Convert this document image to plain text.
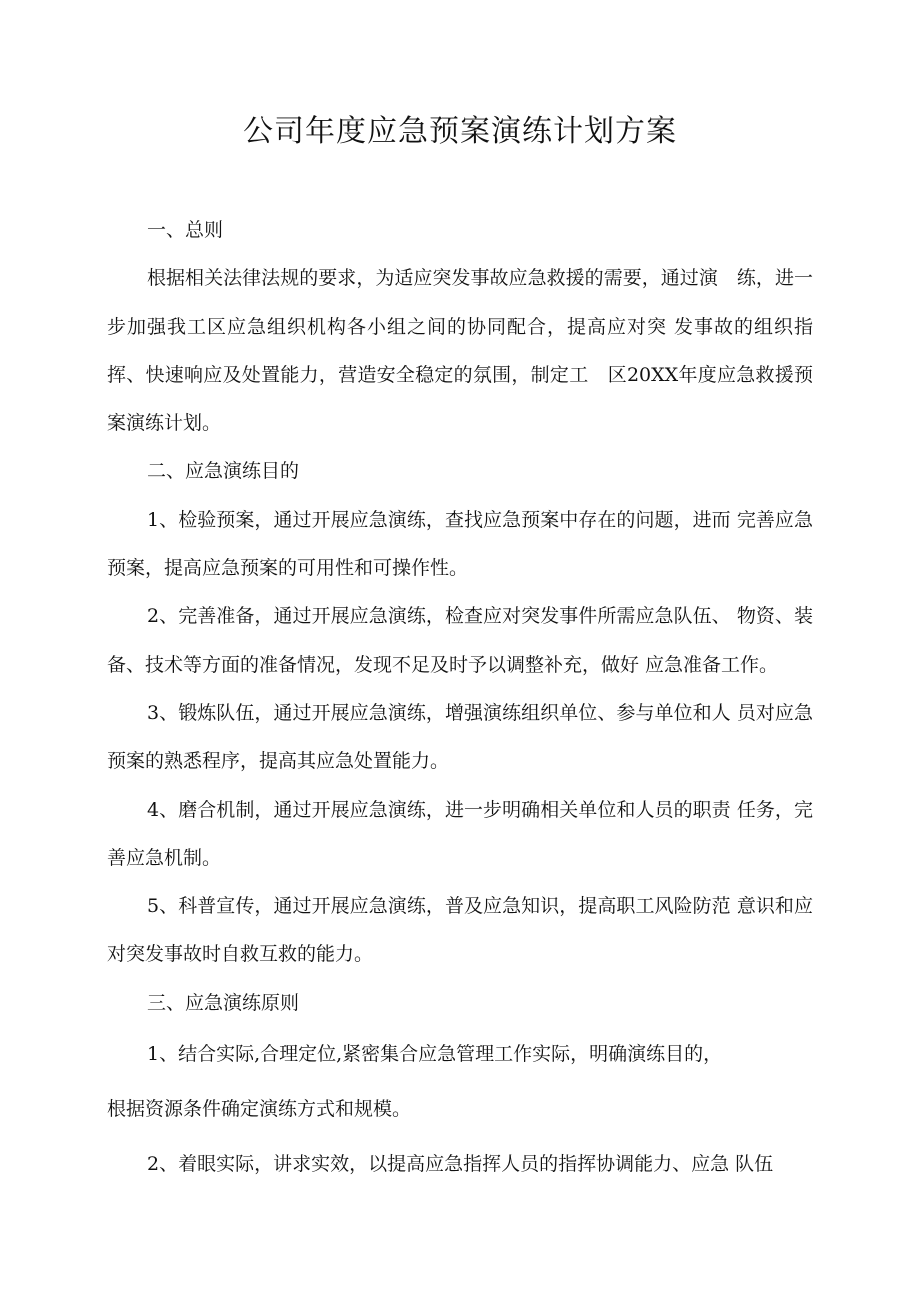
公司年度应急预案演练计划方案

一、总则

根据相关法律法规的要求，为适应突发事故应急救援的需要，通过演　练，进一步加强我工区应急组织机构各小组之间的协同配合，提高应对突 发事故的组织指挥、快速响应及处置能力，营造安全稳定的氛围，制定工　区20XX年度应急救援预案演练计划。

二、应急演练目的

1、检验预案，通过开展应急演练，查找应急预案中存在的问题，进而 完善应急预案，提高应急预案的可用性和可操作性。

2、完善准备，通过开展应急演练，检查应对突发事件所需应急队伍、 物资、装备、技术等方面的准备情况，发现不足及时予以调整补充，做好 应急准备工作。

3、锻炼队伍，通过开展应急演练，增强演练组织单位、参与单位和人 员对应急预案的熟悉程序，提高其应急处置能力。

4、磨合机制，通过开展应急演练，进一步明确相关单位和人员的职责 任务，完善应急机制。

5、科普宣传，通过开展应急演练，普及应急知识，提高职工风险防范 意识和应对突发事故时自救互救的能力。

三、应急演练原则

1、结合实际,合理定位,紧密集合应急管理工作实际，明确演练目的，

根据资源条件确定演练方式和规模。

2、着眼实际，讲求实效，以提高应急指挥人员的指挥协调能力、应急 队伍
